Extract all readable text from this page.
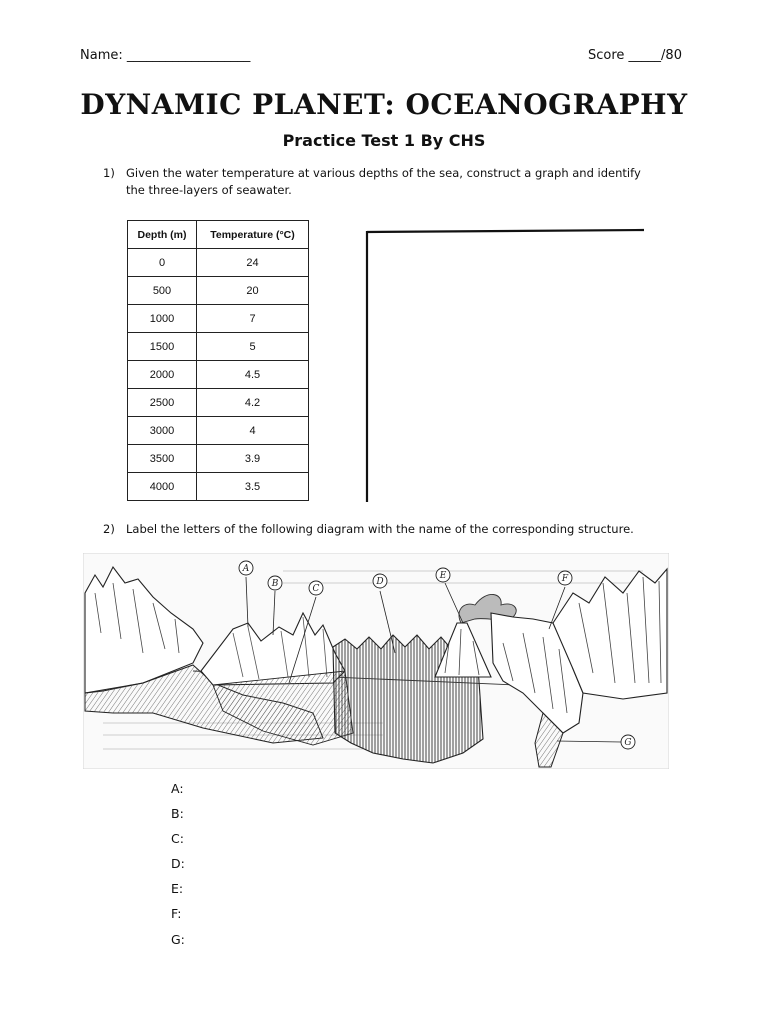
Name: ___________________	Score _____/80
DYNAMIC PLANET: OCEANOGRAPHY
Practice Test 1 By CHS
1) Given the water temperature at various depths of the sea, construct a graph and identify the three-layers of seawater.
Depth (m)	Temperature (°C)
0	24
500	20
1000	7
1500	5
2000	4.5
2500	4.2
3000	4
3500	3.9
4000	3.5
2) Label the letters of the following diagram with the name of the corresponding structure.
A
B	C
D
E	F
G
A:
B:
C:
D:
E:
F:
G:
